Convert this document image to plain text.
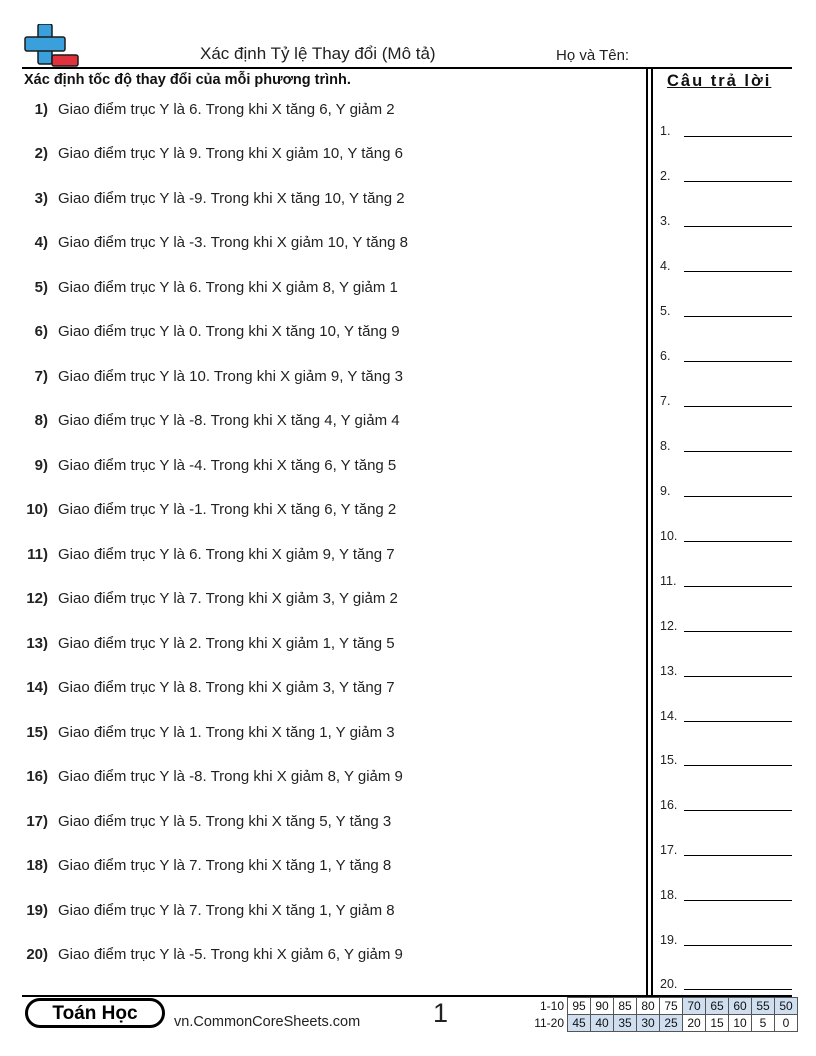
Xác định Tỷ lệ Thay đổi (Mô tả)	Họ và Tên:
Xác định tốc độ thay đổi của mỗi phương trình.	Câu trả lời
1) Giao điểm trục Y là 6. Trong khi X tăng 6, Y giảm 2
2) Giao điểm trục Y là 9. Trong khi X giảm 10, Y tăng 6
3) Giao điểm trục Y là -9. Trong khi X tăng 10, Y tăng 2
4) Giao điểm trục Y là -3. Trong khi X giảm 10, Y tăng 8
5) Giao điểm trục Y là 6. Trong khi X giảm 8, Y giảm 1
6) Giao điểm trục Y là 0. Trong khi X tăng 10, Y tăng 9
7) Giao điểm trục Y là 10. Trong khi X giảm 9, Y tăng 3
8) Giao điểm trục Y là -8. Trong khi X tăng 4, Y giảm 4
9) Giao điểm trục Y là -4. Trong khi X tăng 6, Y tăng 5
10) Giao điểm trục Y là -1. Trong khi X tăng 6, Y tăng 2
11) Giao điểm trục Y là 6. Trong khi X giảm 9, Y tăng 7
12) Giao điểm trục Y là 7. Trong khi X giảm 3, Y giảm 2
13) Giao điểm trục Y là 2. Trong khi X giảm 1, Y tăng 5
14) Giao điểm trục Y là 8. Trong khi X giảm 3, Y tăng 7
15) Giao điểm trục Y là 1. Trong khi X tăng 1, Y giảm 3
16) Giao điểm trục Y là -8. Trong khi X giảm 8, Y giảm 9
17) Giao điểm trục Y là 5. Trong khi X tăng 5, Y tăng 3
18) Giao điểm trục Y là 7. Trong khi X tăng 1, Y tăng 8
19) Giao điểm trục Y là 7. Trong khi X tăng 1, Y giảm 8
20) Giao điểm trục Y là -5. Trong khi X giảm 6, Y giảm 9
1.
2.
3.
4.
5.
6.
7.
8.
9.
10.
11.
12.
13.
14.
15.
16.
17.
18.
19.
20.
Toán Học	vn.CommonCoreSheets.com	1	1-10	95	90	85	80	75	70	65	60	55	50
11-20	45	40	35	30	25	20	15	10	5	0
